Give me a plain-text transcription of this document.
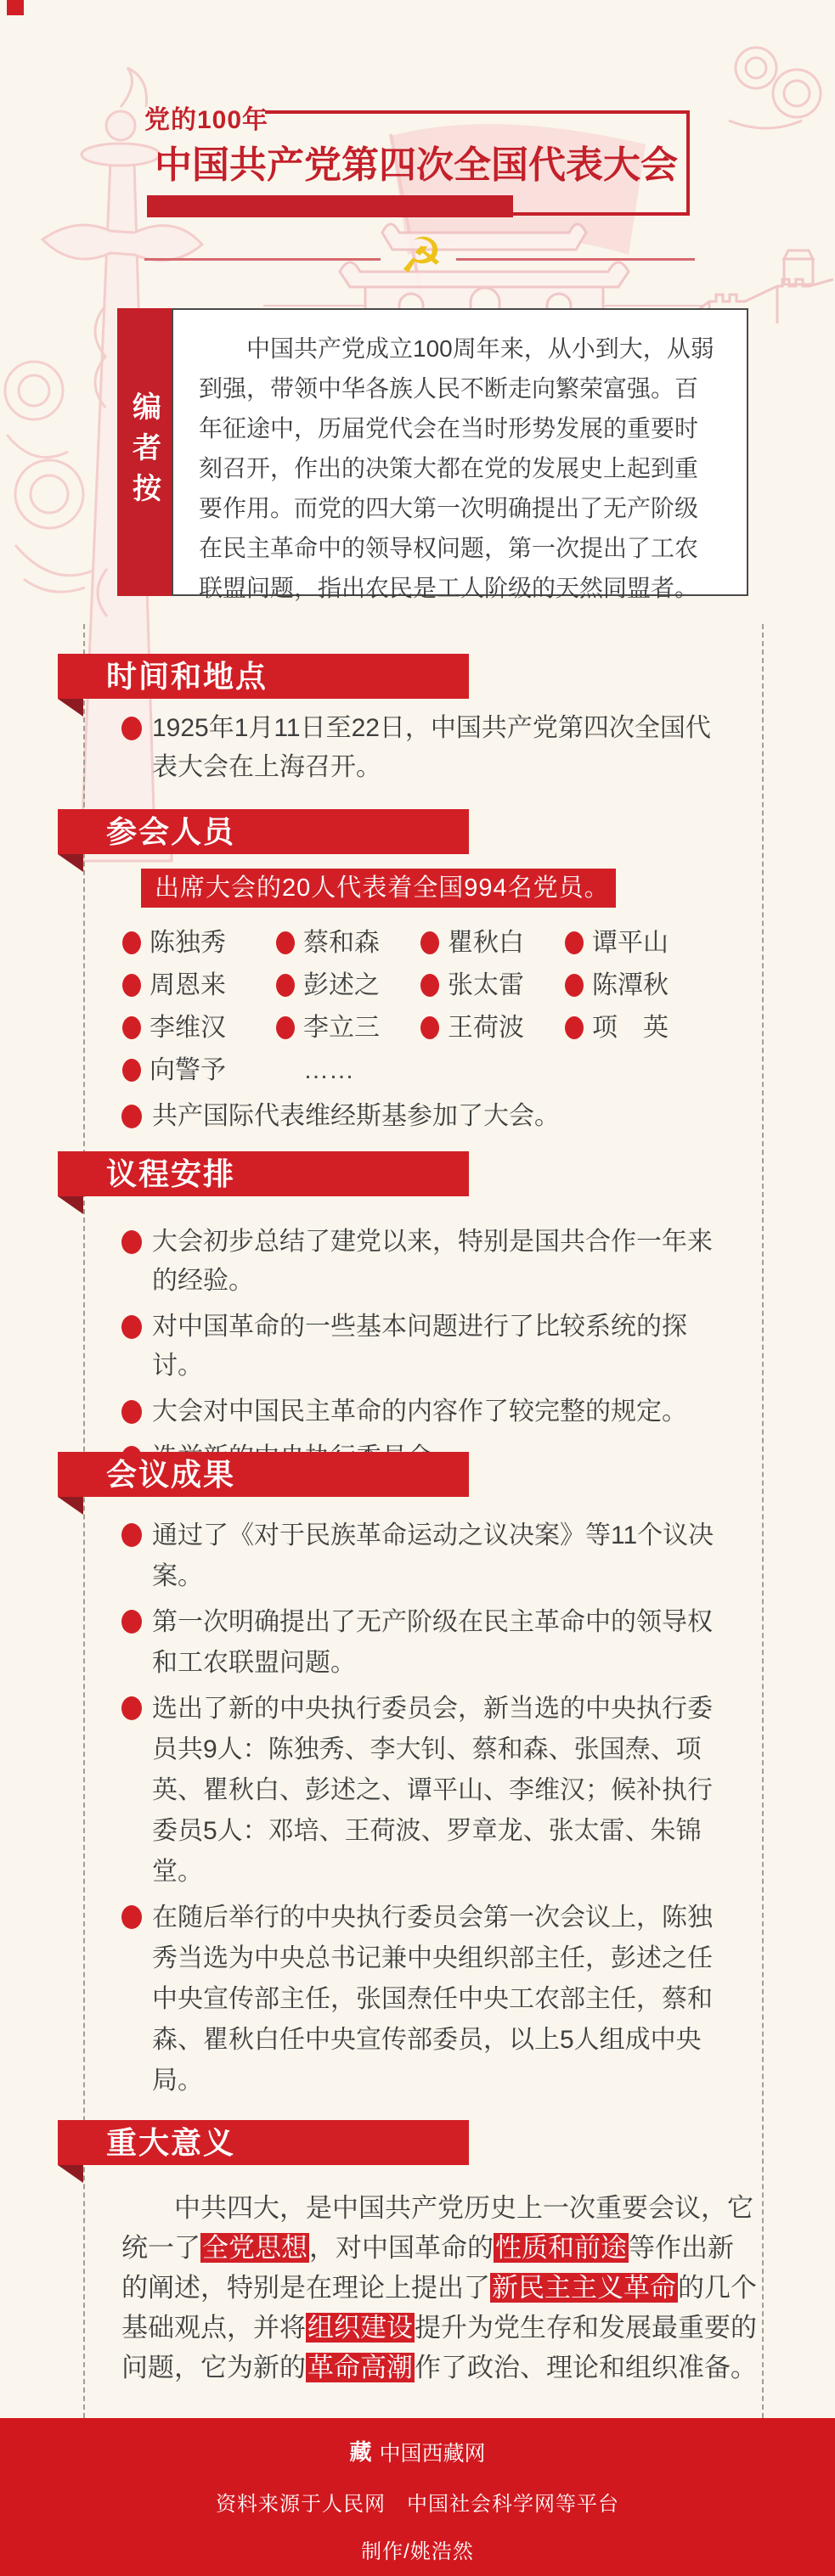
党的100年
中国共产党第四次全国代表大会
☭
编者按

中国共产党成立100周年来，从小到大，从弱到强，带领中华各族人民不断走向繁荣富强。百年征途中，历届党代会在当时形势发展的重要时刻召开，作出的决策大都在党的发展史上起到重要作用。而党的四大第一次明确提出了无产阶级在民主革命中的领导权问题，第一次提出了工农联盟问题，指出农民是工人阶级的天然同盟者。

时间和地点
1925年1月11日至22日，中国共产党第四次全国代表大会在上海召开。
参会人员
出席大会的20人代表着全国994名党员。
陈独秀	蔡和森	瞿秋白	谭平山
周恩来	彭述之	张太雷	陈潭秋
李维汉	李立三	王荷波	项　英
向警予	……
共产国际代表维经斯基参加了大会。
议程安排
大会初步总结了建党以来，特别是国共合作一年来的经验。
对中国革命的一些基本问题进行了比较系统的探讨。
大会对中国民主革命的内容作了较完整的规定。
会议成果
通过了《对于民族革命运动之议决案》等11个议决案。
第一次明确提出了无产阶级在民主革命中的领导权和工农联盟问题。
选出了新的中央执行委员会，新当选的中央执行委员共9人：陈独秀、李大钊、蔡和森、张国焘、项英、瞿秋白、彭述之、谭平山、李维汉；候补执行委员5人：邓培、王荷波、罗章龙、张太雷、朱锦堂。
在随后举行的中央执行委员会第一次会议上，陈独秀当选为中央总书记兼中央组织部主任，彭述之任中央宣传部主任，张国焘任中央工农部主任，蔡和森、瞿秋白任中央宣传部委员，以上5人组成中央局。
重大意义

中共四大，是中国共产党历史上一次重要会议，它统一了全党思想，对中国革命的性质和前途等作出新的阐述，特别是在理论上提出了新民主主义革命的几个基础观点，并将组织建设提升为党生存和发展最重要的问题，它为新的革命高潮作了政治、理论和组织准备。

藏 中国西藏网
资料来源于人民网　中国社会科学网等平台
制作/姚浩然
